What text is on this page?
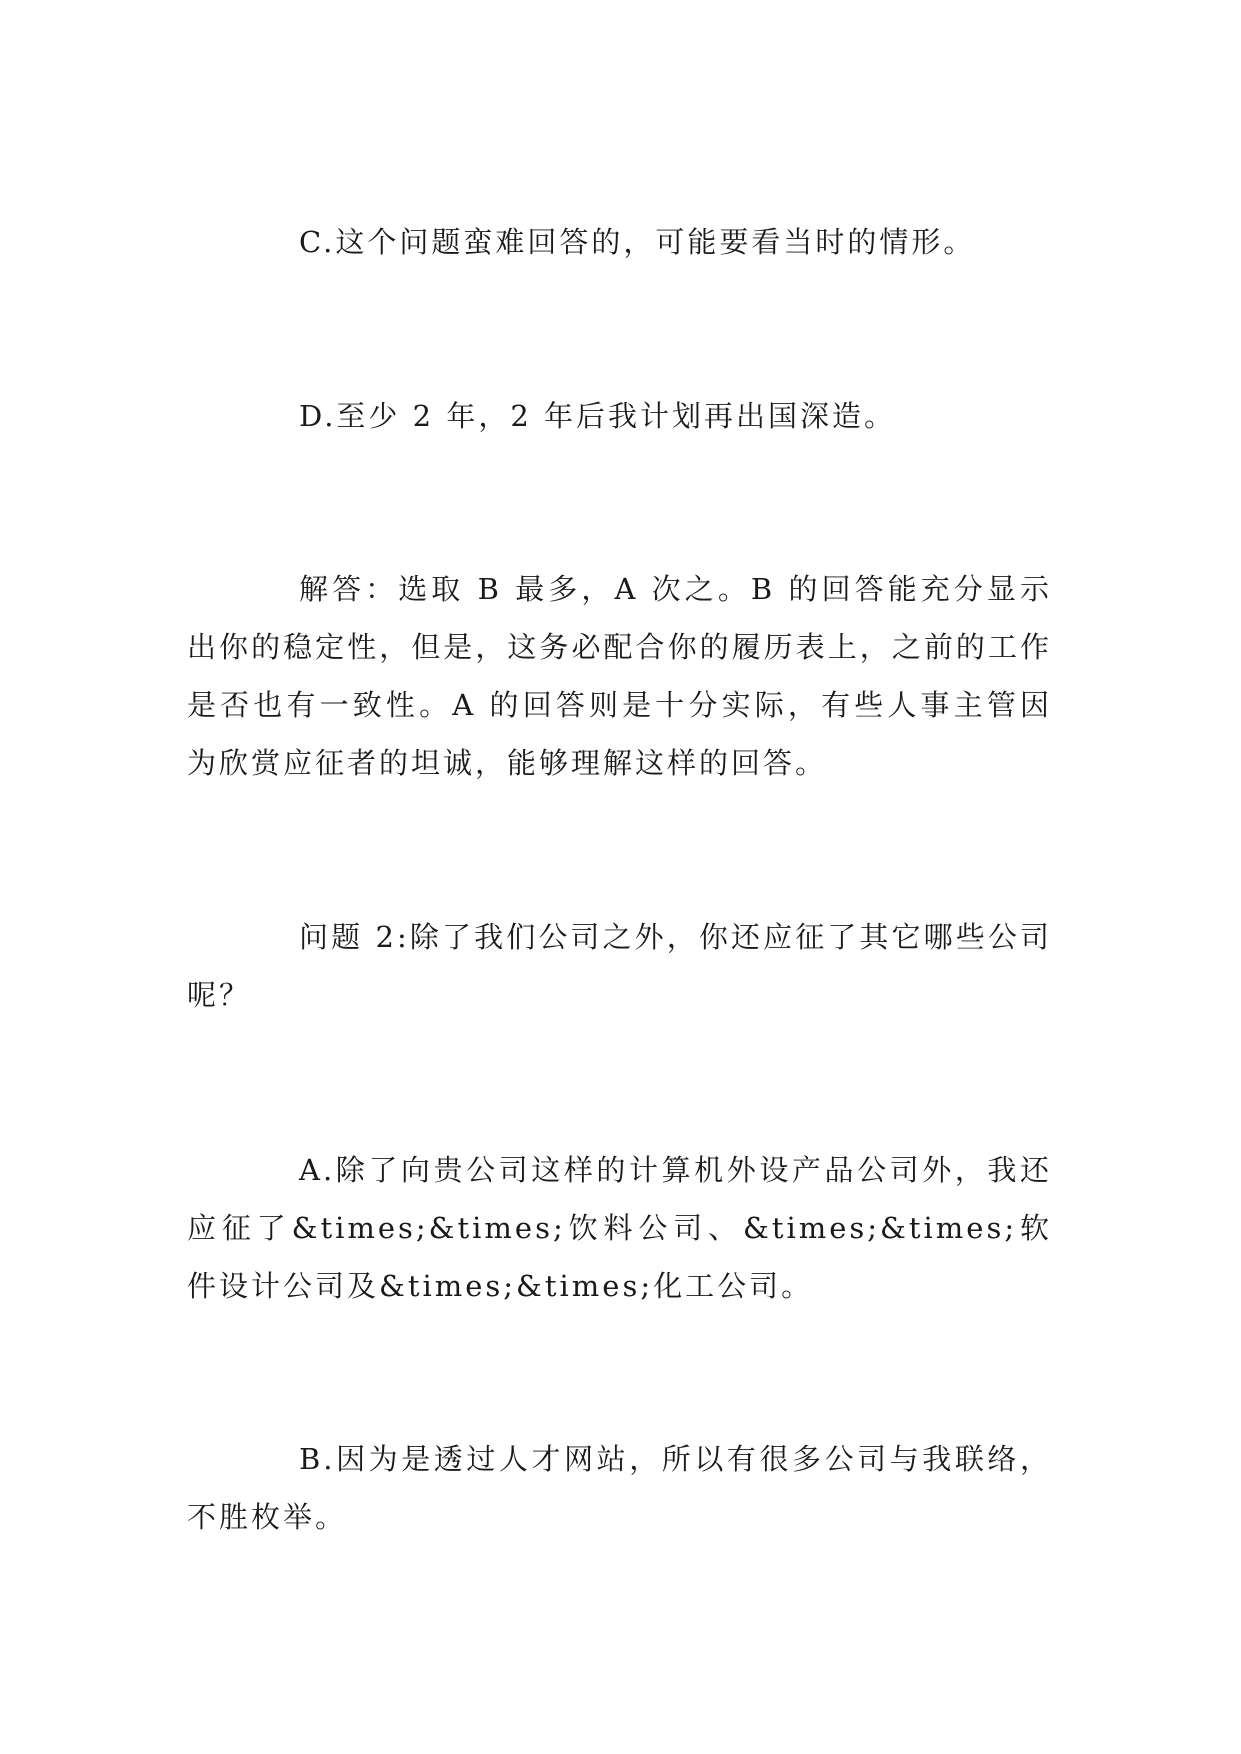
C.这个问题蛮难回答的，可能要看当时的情形。

D.至少 2 年，2 年后我计划再出国深造。

解答：选取 B 最多，A 次之。B 的回答能充分显示出你的稳定性，但是，这务必配合你的履历表上，之前的工作是否也有一致性。A 的回答则是十分实际，有些人事主管因为欣赏应征者的坦诚，能够理解这样的回答。

问题 2:除了我们公司之外，你还应征了其它哪些公司呢？

A.除了向贵公司这样的计算机外设产品公司外，我还应征了&times;&times;饮料公司、&times;&times;软件设计公司及&times;&times;化工公司。

B.因为是透过人才网站，所以有很多公司与我联络，不胜枚举。
